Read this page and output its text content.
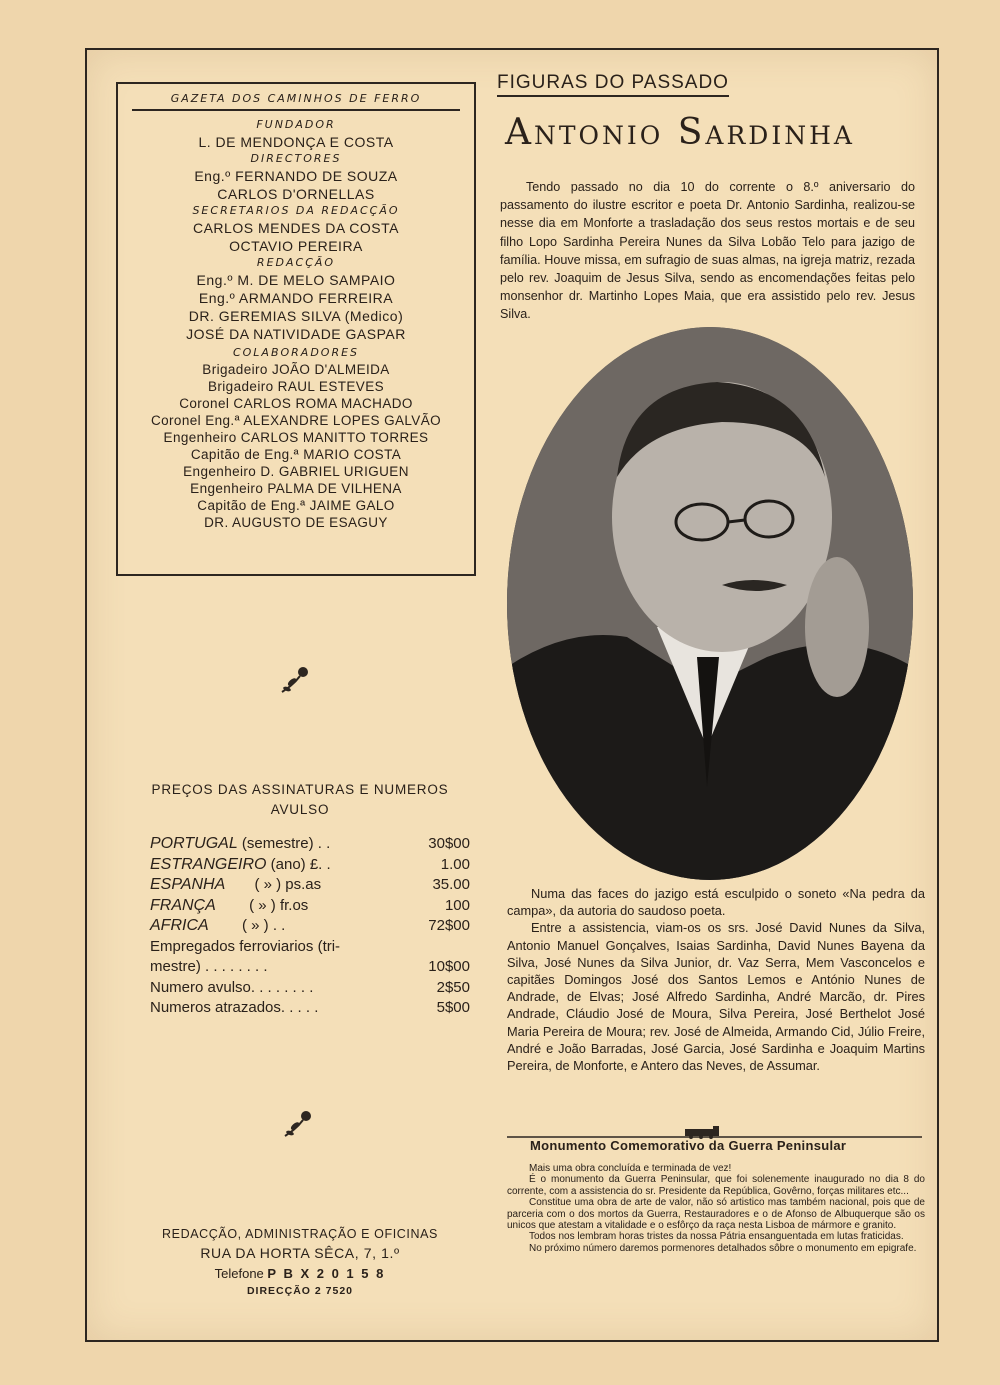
GAZETA DOS CAMINHOS DE FERRO
FUNDADOR
L. DE MENDONÇA E COSTA
DIRECTORES
Eng.º FERNANDO DE SOUZA
CARLOS D'ORNELLAS
SECRETARIOS DA REDACÇÃO
CARLOS MENDES DA COSTA
OCTAVIO PEREIRA
REDACÇÃO
Eng.º M. DE MELO SAMPAIO
Eng.º ARMANDO FERREIRA
DR. GEREMIAS SILVA (Medico)
JOSÉ DA NATIVIDADE GASPAR
COLABORADORES
Brigadeiro JOÃO D'ALMEIDA
Brigadeiro RAUL ESTEVES
Coronel CARLOS ROMA MACHADO
Coronel Eng.ª ALEXANDRE LOPES GALVÃO
Engenheiro CARLOS MANITTO TORRES
Capitão de Eng.ª MARIO COSTA
Engenheiro D. GABRIEL URIGUEN
Engenheiro PALMA DE VILHENA
Capitão de Eng.ª JAIME GALO
DR. AUGUSTO DE ESAGUY
PREÇOS DAS ASSINATURAS E NUMEROS
AVULSO
PORTUGAL (semestre) . .	30$00
ESTRANGEIRO (ano) £. .	1.00
ESPANHA       ( » ) ps.as	35.00
FRANÇA        ( » ) fr.os	100
AFRICA        ( » ) . .	72$00
Empregados ferroviarios (tri-
mestre) . . . . . . . .	10$00
Numero avulso. . . . . . . .	2$50
Numeros atrazados. . . . .	5$00
REDACÇÃO, ADMINISTRAÇÃO E OFICINAS
RUA DA HORTA SÊCA, 7, 1.º
Telefone P B X 2 0 1 5 8
DIRECÇÃO 2 7520
FIGURAS DO PASSADO
Antonio Sardinha
Tendo passado no dia 10 do corrente o 8.º aniversario do passamento do ilustre escritor e poeta Dr. Antonio Sardinha, realizou-se nesse dia em Monforte a trasladação dos seus restos mortais e de seu filho Lopo Sardinha Pereira Nunes da Silva Lobão Telo para jazigo de família. Houve missa, em sufragio de suas almas, na igreja matriz, rezada pelo rev. Joaquim de Jesus Silva, sendo as encomendações feitas pelo monsenhor dr. Martinho Lopes Maia, que era assistido pelo rev. Jesus Silva.

Numa das faces do jazigo está esculpido o soneto «Na pedra da campa», da autoria do saudoso poeta.

Entre a assistencia, viam-os os srs. José David Nunes da Silva, Antonio Manuel Gonçalves, Isaias Sardinha, David Nunes Bayena da Silva, José Nunes da Silva Junior, dr. Vaz Serra, Mem Vasconcelos e capitães Domingos José dos Santos Lemos e António Nunes de Andrade, de Elvas; José Alfredo Sardinha, André Marcão, dr. Pires Andrade, Cláudio José de Moura, Silva Pereira, José Berthelot José Maria Pereira de Moura; rev. José de Almeida, Armando Cid, Júlio Freire, André e João Barradas, José Garcia, José Sardinha e Joaquim Martins Pereira, de Monforte, e Antero das Neves, de Assumar.

Monumento Comemorativo da Guerra Peninsular

Mais uma obra concluída e terminada de vez!

É o monumento da Guerra Peninsular, que foi solenemente inaugurado no dia 8 do corrente, com a assistencia do sr. Presidente da República, Govêrno, forças militares etc...

Constitue uma obra de arte de valor, não só artistico mas também nacional, pois que de parceria com o dos mortos da Guerra, Restauradores e o de Afonso de Albuquerque são os unicos que atestam a vitalidade e o esfôrço da raça nesta Lisboa de mármore e granito.

Todos nos lembram horas tristes da nossa Pátria ensanguentada em lutas fraticidas.

No próximo número daremos pormenores detalhados sôbre o monumento em epigrafe.
